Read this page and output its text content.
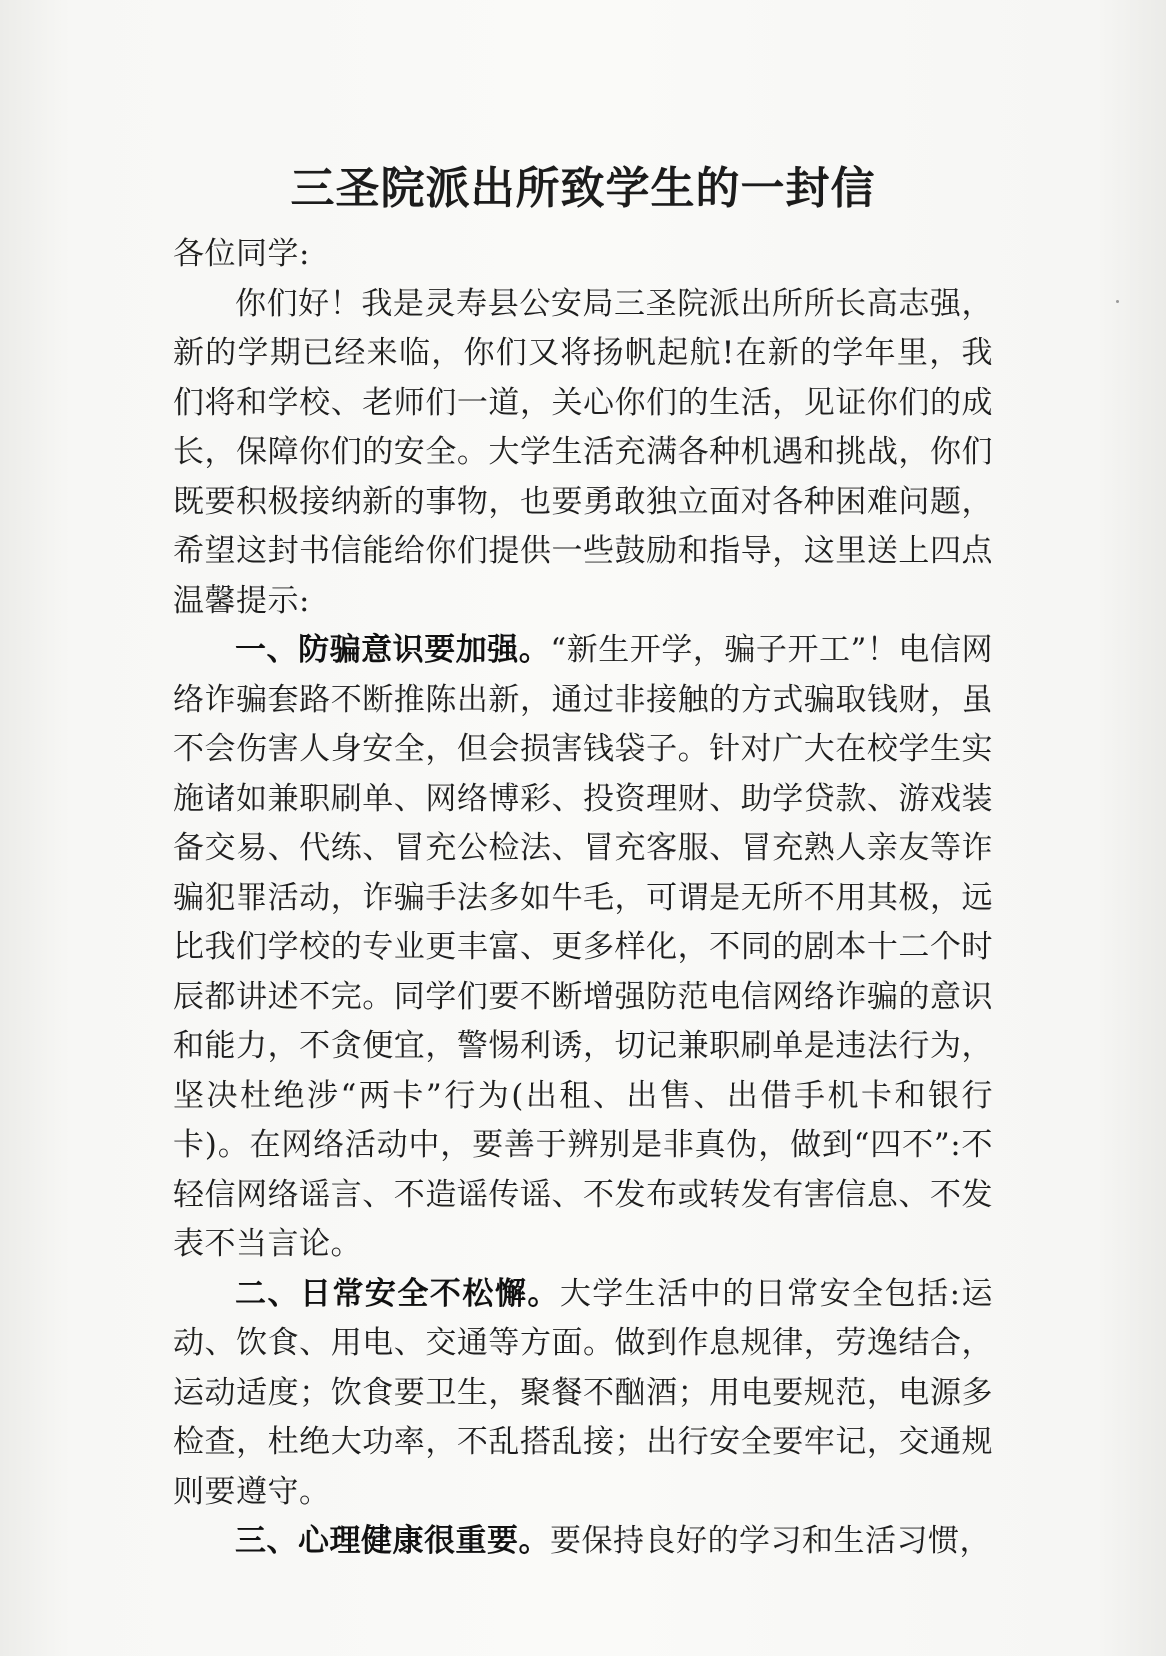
三圣院派出所致学生的一封信

各位同学:

你们好！我是灵寿县公安局三圣院派出所所长高志强，新的学期已经来临，你们又将扬帆起航!在新的学年里，我们将和学校、老师们一道，关心你们的生活，见证你们的成长，保障你们的安全。大学生活充满各种机遇和挑战，你们既要积极接纳新的事物，也要勇敢独立面对各种困难问题，希望这封书信能给你们提供一些鼓励和指导，这里送上四点温馨提示:

一、防骗意识要加强。“新生开学，骗子开工”！电信网络诈骗套路不断推陈出新，通过非接触的方式骗取钱财，虽不会伤害人身安全，但会损害钱袋子。针对广大在校学生实施诸如兼职刷单、网络博彩、投资理财、助学贷款、游戏装备交易、代练、冒充公检法、冒充客服、冒充熟人亲友等诈骗犯罪活动，诈骗手法多如牛毛，可谓是无所不用其极，远比我们学校的专业更丰富、更多样化，不同的剧本十二个时辰都讲述不完。同学们要不断增强防范电信网络诈骗的意识和能力，不贪便宜，警惕利诱，切记兼职刷单是违法行为，坚决杜绝涉“两卡”行为(出租、出售、出借手机卡和银行卡)。在网络活动中，要善于辨别是非真伪，做到“四不”:不轻信网络谣言、不造谣传谣、不发布或转发有害信息、不发表不当言论。

二、日常安全不松懈。大学生活中的日常安全包括:运动、饮食、用电、交通等方面。做到作息规律，劳逸结合，运动适度；饮食要卫生，聚餐不酗酒；用电要规范，电源多检查，杜绝大功率，不乱搭乱接；出行安全要牢记，交通规则要遵守。

三、心理健康很重要。要保持良好的学习和生活习惯，
